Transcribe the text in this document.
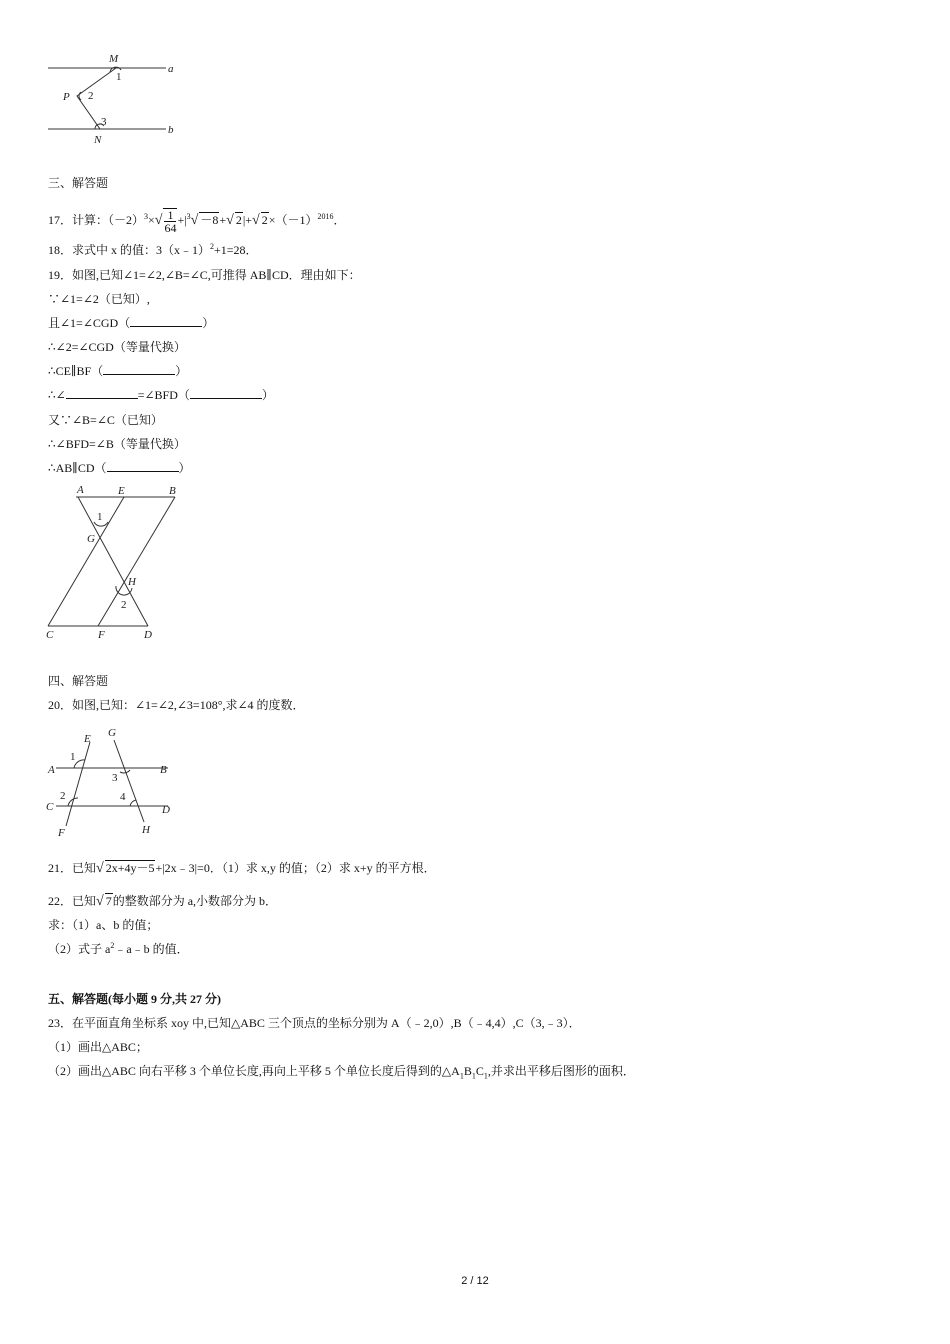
M
a
P
b
N
1
2
3
三、解答题
17．计算：$(-2)^3\times√ \frac{1}{64} +|^3√ -8+√$ 2|+√ $2\times(-1)^{2016}$．
18．求式中 x 的值：3（x﹣1）$^2$+1=28．
19．如图,已知∠1=∠2,∠B=∠C,可推得 AB∥CD．理由如下：
∵∠1=∠2（已知）,
且∠1=∠CGD（	）
∴∠2=∠CGD（等量代换）
∴CE∥BF（	）
∴∠	=∠BFD（	）
又∵∠B=∠C（已知）
∴∠BFD=∠B（等量代换）
∴AB∥CD（	）
A	E	B
G
H
C	F	D
1
2
四、解答题
20．如图,已知：∠1=∠2,∠3=108°,求∠4 的度数．
E G
A	B
C	D
F	H
1
2
3
4
21．已知√ 2x+4y－5+|2x﹣3|=0．（1）求 x,y 的值；（2）求 x+y 的平方根．
22．已知√ 7的整数部分为 a,小数部分为 b．
求：（1）a、b 的值；
（2）式子 $a^2﹣a﹣b$ 的值．
五、解答题(每小题 9 分,共 27 分)
23．在平面直角坐标系 xoy 中,已知△ABC 三个顶点的坐标分别为 A（﹣2,0）,B（﹣4,4）,C（3,﹣3）．
（1）画出△ABC；
（2）画出△ABC 向右平移 3 个单位长度,再向上平移 5 个单位长度后得到的$\triangle A_1B_1C_1$,并求出平移后图形的面积．
2 / 12
